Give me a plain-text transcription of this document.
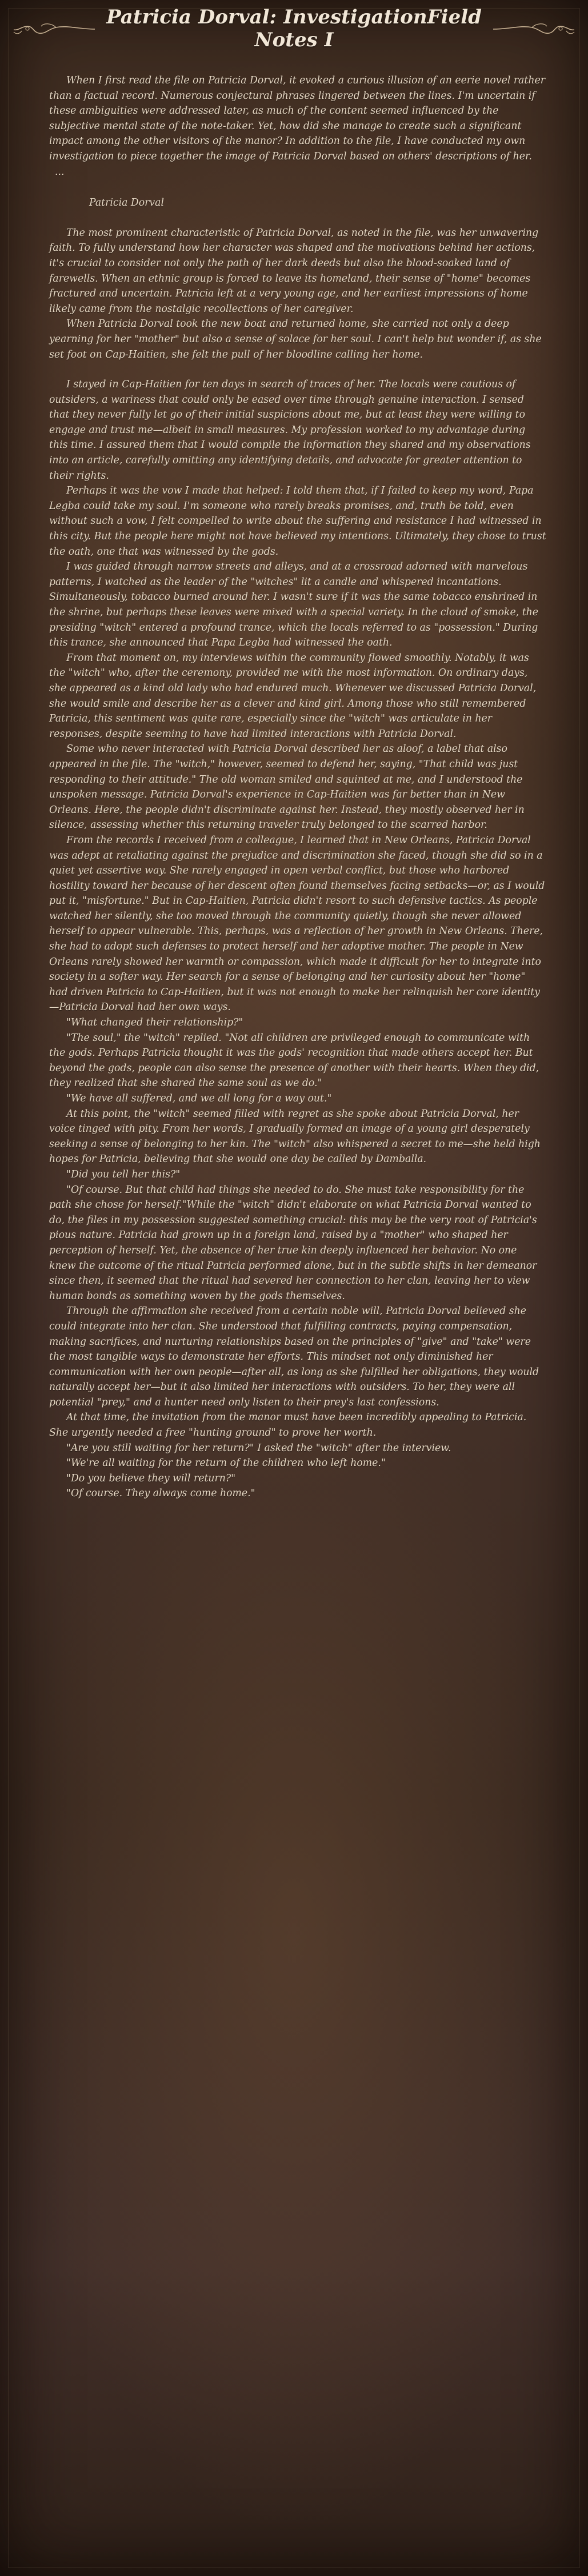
Patricia Dorval: InvestigationField
Notes I

When I first read the file on Patricia Dorval, it evoked a curious illusion of an eerie novel rather than a factual record. Numerous conjectural phrases lingered between the lines. I'm uncertain if these ambiguities were addressed later, as much of the content seemed influenced by the subjective mental state of the note-taker. Yet, how did she manage to create such a significant impact among the other visitors of the manor? In addition to the file, I have conducted my own investigation to piece together the image of Patricia Dorval based on others' descriptions of her.

...

Patricia Dorval

The most prominent characteristic of Patricia Dorval, as noted in the file, was her unwavering faith. To fully understand how her character was shaped and the motivations behind her actions, it's crucial to consider not only the path of her dark deeds but also the blood-soaked land of farewells. When an ethnic group is forced to leave its homeland, their sense of "home" becomes fractured and uncertain. Patricia left at a very young age, and her earliest impressions of home likely came from the nostalgic recollections of her caregiver.

When Patricia Dorval took the new boat and returned home, she carried not only a deep yearning for her "mother" but also a sense of solace for her soul. I can't help but wonder if, as she set foot on Cap-Haitien, she felt the pull of her bloodline calling her home.

I stayed in Cap-Haitien for ten days in search of traces of her. The locals were cautious of outsiders, a wariness that could only be eased over time through genuine interaction. I sensed that they never fully let go of their initial suspicions about me, but at least they were willing to engage and trust me—albeit in small measures. My profession worked to my advantage during this time. I assured them that I would compile the information they shared and my observations into an article, carefully omitting any identifying details, and advocate for greater attention to their rights.

Perhaps it was the vow I made that helped: I told them that, if I failed to keep my word, Papa Legba could take my soul. I'm someone who rarely breaks promises, and, truth be told, even without such a vow, I felt compelled to write about the suffering and resistance I had witnessed in this city. But the people here might not have believed my intentions. Ultimately, they chose to trust the oath, one that was witnessed by the gods.

I was guided through narrow streets and alleys, and at a crossroad adorned with marvelous patterns, I watched as the leader of the "witches" lit a candle and whispered incantations. Simultaneously, tobacco burned around her. I wasn't sure if it was the same tobacco enshrined in the shrine, but perhaps these leaves were mixed with a special variety. In the cloud of smoke, the presiding "witch" entered a profound trance, which the locals referred to as "possession." During this trance, she announced that Papa Legba had witnessed the oath.

From that moment on, my interviews within the community flowed smoothly. Notably, it was the "witch" who, after the ceremony, provided me with the most information. On ordinary days, she appeared as a kind old lady who had endured much. Whenever we discussed Patricia Dorval, she would smile and describe her as a clever and kind girl. Among those who still remembered Patricia, this sentiment was quite rare, especially since the "witch" was articulate in her responses, despite seeming to have had limited interactions with Patricia Dorval.

Some who never interacted with Patricia Dorval described her as aloof, a label that also appeared in the file. The "witch," however, seemed to defend her, saying, "That child was just responding to their attitude." The old woman smiled and squinted at me, and I understood the unspoken message. Patricia Dorval's experience in Cap-Haitien was far better than in New Orleans. Here, the people didn't discriminate against her. Instead, they mostly observed her in silence, assessing whether this returning traveler truly belonged to the scarred harbor.

From the records I received from a colleague, I learned that in New Orleans, Patricia Dorval was adept at retaliating against the prejudice and discrimination she faced, though she did so in a quiet yet assertive way. She rarely engaged in open verbal conflict, but those who harbored hostility toward her because of her descent often found themselves facing setbacks—or, as I would put it, "misfortune." But in Cap-Haitien, Patricia didn't resort to such defensive tactics. As people watched her silently, she too moved through the community quietly, though she never allowed herself to appear vulnerable. This, perhaps, was a reflection of her growth in New Orleans. There, she had to adopt such defenses to protect herself and her adoptive mother. The people in New Orleans rarely showed her warmth or compassion, which made it difficult for her to integrate into society in a softer way. Her search for a sense of belonging and her curiosity about her "home" had driven Patricia to Cap-Haitien, but it was not enough to make her relinquish her core identity—Patricia Dorval had her own ways.

"What changed their relationship?"

"The soul," the "witch" replied. "Not all children are privileged enough to communicate with the gods. Perhaps Patricia thought it was the gods' recognition that made others accept her. But beyond the gods, people can also sense the presence of another with their hearts. When they did, they realized that she shared the same soul as we do."

"We have all suffered, and we all long for a way out."

At this point, the "witch" seemed filled with regret as she spoke about Patricia Dorval, her voice tinged with pity. From her words, I gradually formed an image of a young girl desperately seeking a sense of belonging to her kin. The "witch" also whispered a secret to me—she held high hopes for Patricia, believing that she would one day be called by Damballa.

"Did you tell her this?"

"Of course. But that child had things she needed to do. She must take responsibility for the path she chose for herself."While the "witch" didn't elaborate on what Patricia Dorval wanted to do, the files in my possession suggested something crucial: this may be the very root of Patricia's pious nature. Patricia had grown up in a foreign land, raised by a "mother" who shaped her perception of herself. Yet, the absence of her true kin deeply influenced her behavior. No one knew the outcome of the ritual Patricia performed alone, but in the subtle shifts in her demeanor since then, it seemed that the ritual had severed her connection to her clan, leaving her to view human bonds as something woven by the gods themselves.

Through the affirmation she received from a certain noble will, Patricia Dorval believed she could integrate into her clan. She understood that fulfilling contracts, paying compensation, making sacrifices, and nurturing relationships based on the principles of "give" and "take" were the most tangible ways to demonstrate her efforts. This mindset not only diminished her communication with her own people—after all, as long as she fulfilled her obligations, they would naturally accept her—but it also limited her interactions with outsiders. To her, they were all potential "prey," and a hunter need only listen to their prey's last confessions.

At that time, the invitation from the manor must have been incredibly appealing to Patricia. She urgently needed a free "hunting ground" to prove her worth.

"Are you still waiting for her return?" I asked the "witch" after the interview.

"We're all waiting for the return of the children who left home."

"Do you believe they will return?"

"Of course. They always come home."
